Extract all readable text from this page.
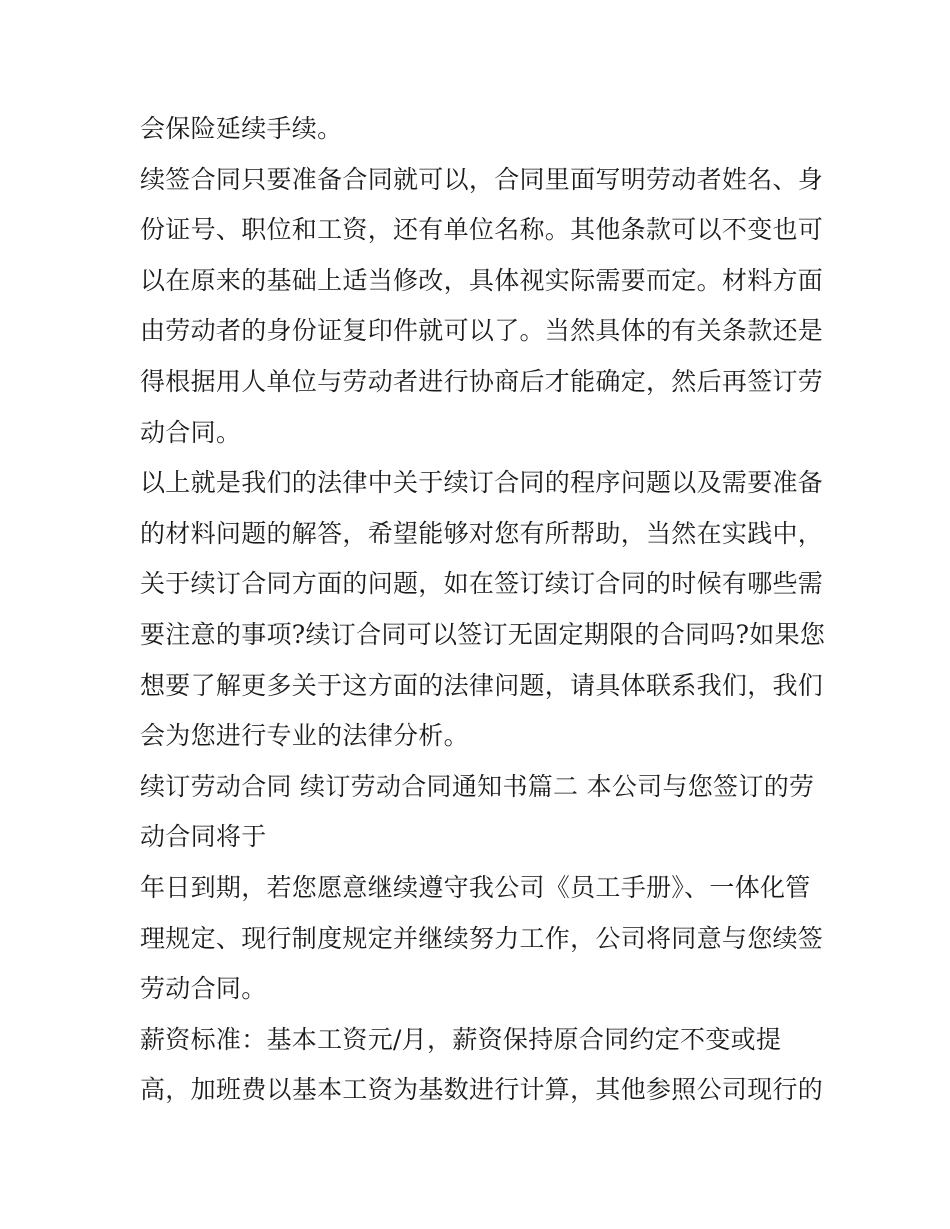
会保险延续手续。
续签合同只要准备合同就可以，合同里面写明劳动者姓名、身
份证号、职位和工资，还有单位名称。其他条款可以不变也可
以在原来的基础上适当修改，具体视实际需要而定。材料方面
由劳动者的身份证复印件就可以了。当然具体的有关条款还是
得根据用人单位与劳动者进行协商后才能确定，然后再签订劳
动合同。
以上就是我们的法律中关于续订合同的程序问题以及需要准备
的材料问题的解答，希望能够对您有所帮助，当然在实践中，
关于续订合同方面的问题，如在签订续订合同的时候有哪些需
要注意的事项?续订合同可以签订无固定期限的合同吗?如果您
想要了解更多关于这方面的法律问题，请具体联系我们，我们
会为您进行专业的法律分析。
续订劳动合同 续订劳动合同通知书篇二 本公司与您签订的劳
动合同将于
年日到期，若您愿意继续遵守我公司《员工手册》、一体化管
理规定、现行制度规定并继续努力工作，公司将同意与您续签
劳动合同。
薪资标准：基本工资元/月，薪资保持原合同约定不变或提
高，加班费以基本工资为基数进行计算，其他参照公司现行的
